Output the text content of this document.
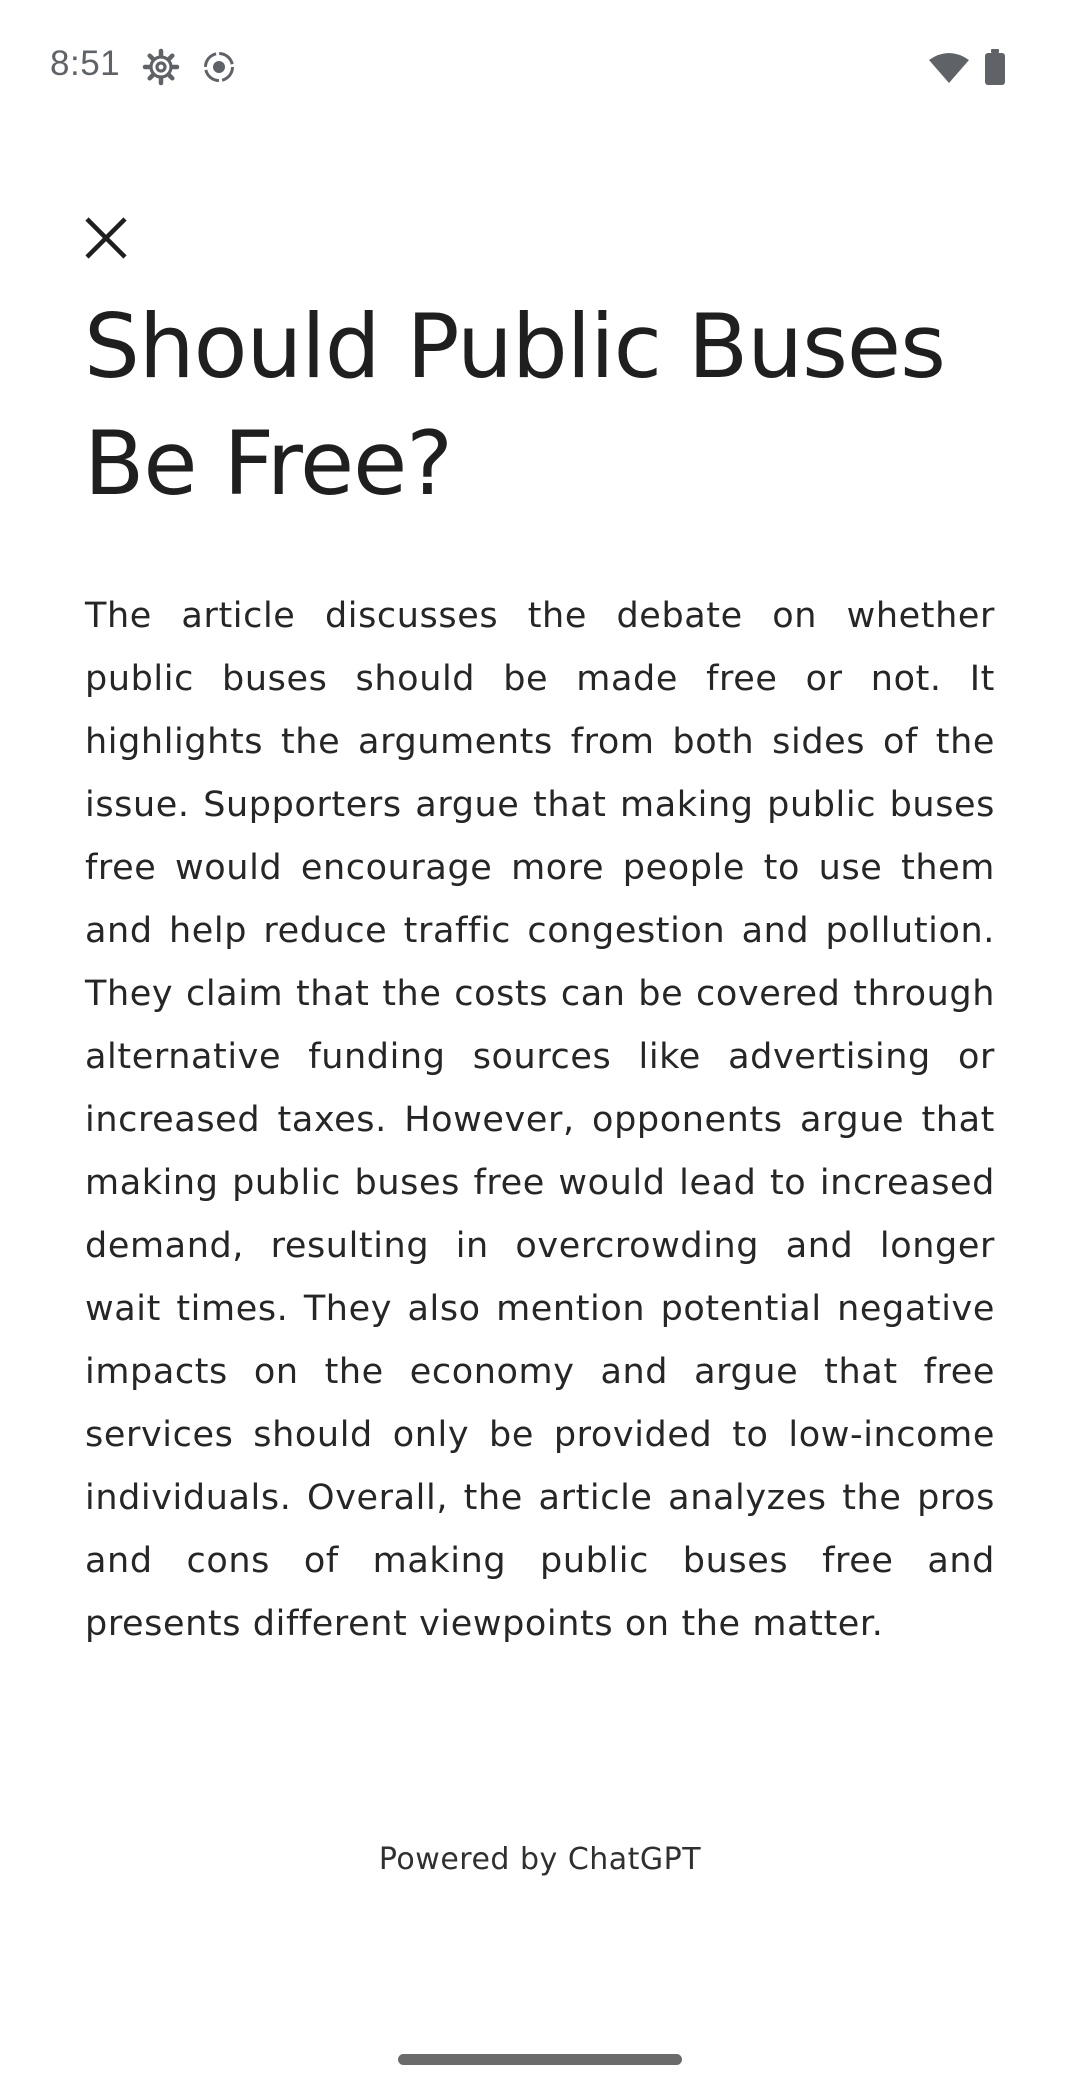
8:51
Should Public Buses Be Free?

The article discusses the debate on whether public buses should be made free or not. It highlights the arguments from both sides of the issue. Supporters argue that making public buses free would encourage more people to use them and help reduce traffic congestion and pollution. They claim that the costs can be covered through alternative funding sources like advertising or increased taxes. However, opponents argue that making public buses free would lead to increased demand, resulting in overcrowding and longer wait times. They also mention potential negative impacts on the economy and argue that free services should only be provided to low-income individuals. Overall, the article analyzes the pros and cons of making public buses free and presents different viewpoints on the matter.

Powered by ChatGPT
